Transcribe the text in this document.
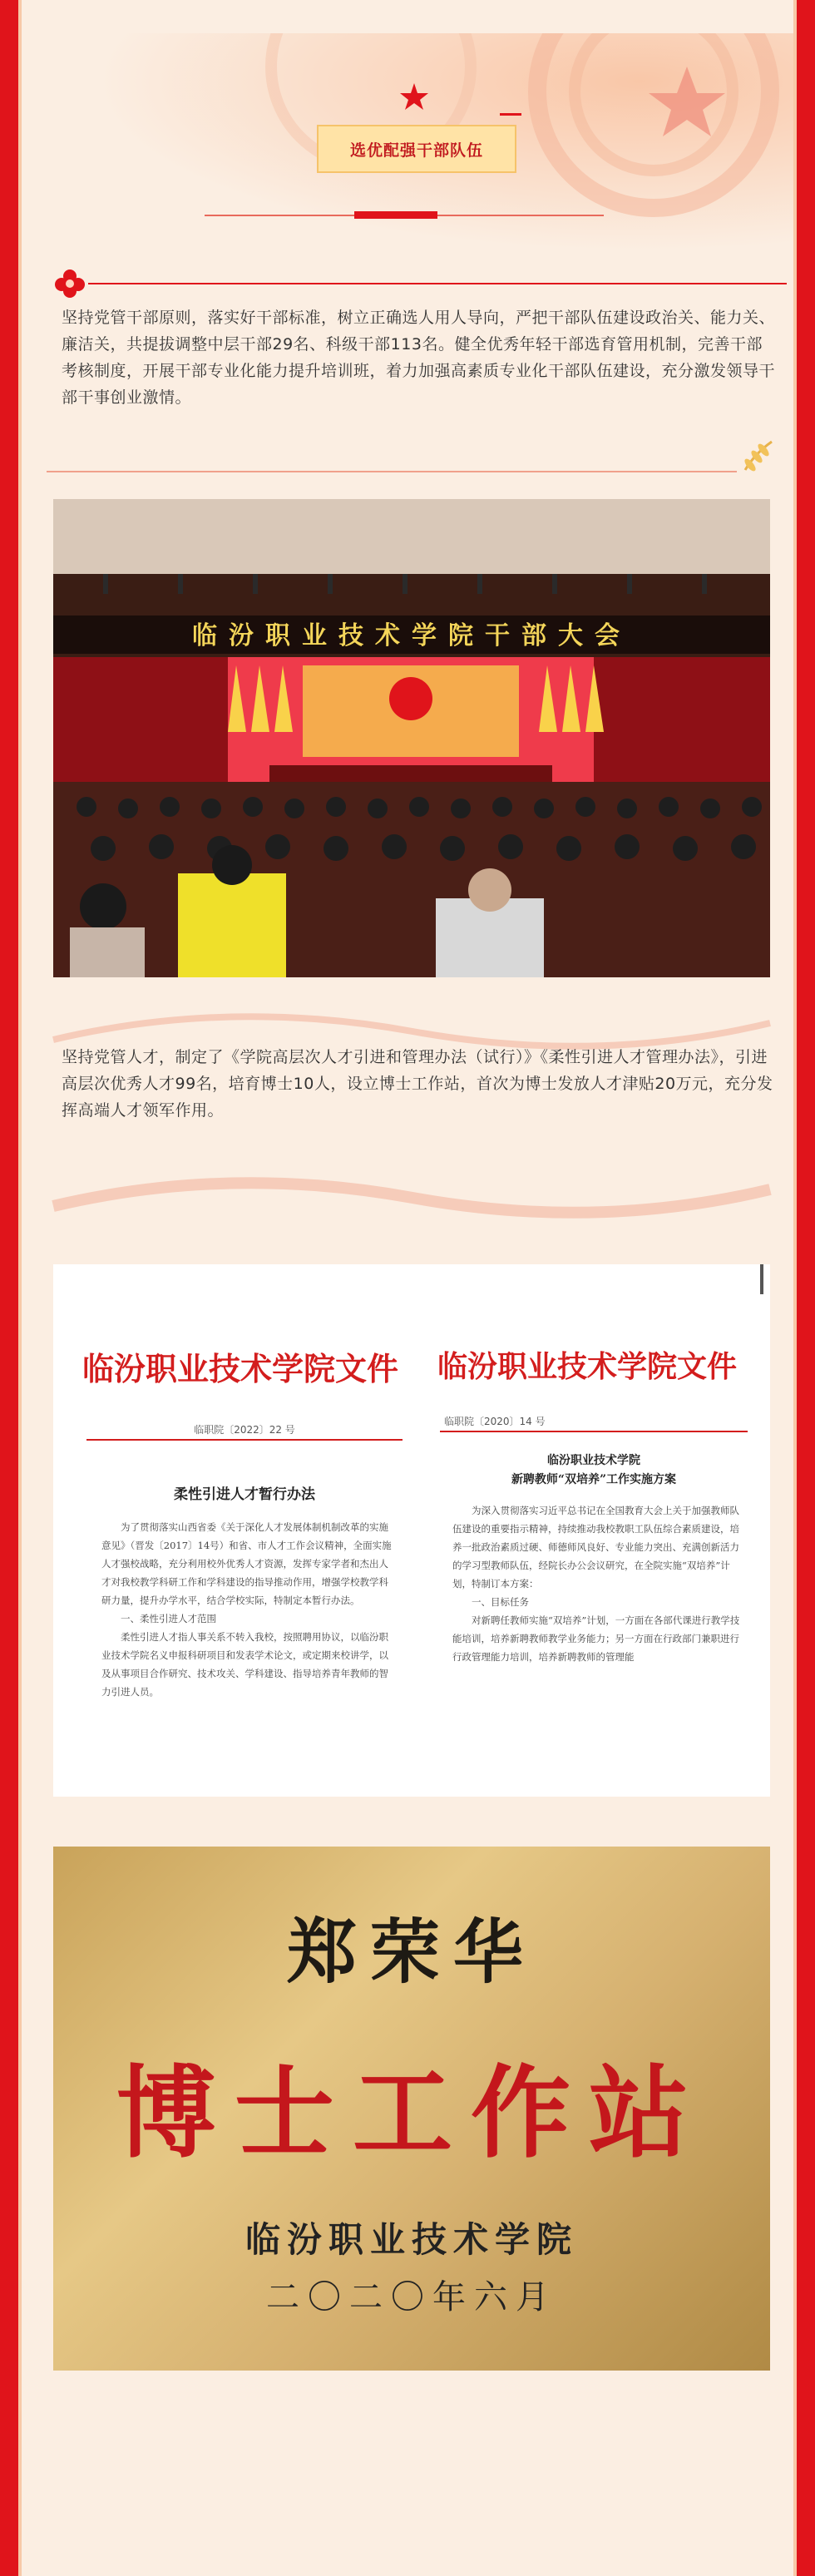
选优配强干部队伍
坚持党管干部原则，落实好干部标准，树立正确选人用人导向，严把干部队伍建设政治关、能力关、廉洁关，共提拔调整中层干部29名、科级干部113名。健全优秀年轻干部选育管用机制，完善干部考核制度，开展干部专业化能力提升培训班，着力加强高素质专业化干部队伍建设，充分激发领导干部干事创业激情。
临汾职业技术学院干部大会
坚持党管人才，制定了《学院高层次人才引进和管理办法（试行）》《柔性引进人才管理办法》，引进高层次优秀人才99名，培育博士10人，设立博士工作站，首次为博士发放人才津贴20万元，充分发挥高端人才领军作用。
临汾职业技术学院文件
临职院〔2022〕22 号
柔性引进人才暂行办法

为了贯彻落实山西省委《关于深化人才发展体制机制改革的实施意见》（晋发〔2017〕14号）和省、市人才工作会议精神，全面实施人才强校战略，充分利用校外优秀人才资源，发挥专家学者和杰出人才对我校教学科研工作和学科建设的指导推动作用，增强学校教学科研力量，提升办学水平，结合学校实际，特制定本暂行办法。

一、柔性引进人才范围

柔性引进人才指人事关系不转入我校，按照聘用协议，以临汾职业技术学院名义申报科研项目和发表学术论文，或定期来校讲学，以及从事项目合作研究、技术攻关、学科建设、指导培养青年教师的智力引进人员。

临汾职业技术学院文件
临职院〔2020〕14 号
临汾职业技术学院
新聘教师“双培养”工作实施方案

为深入贯彻落实习近平总书记在全国教育大会上关于加强教师队伍建设的重要指示精神，持续推动我校教职工队伍综合素质建设，培养一批政治素质过硬、师德师风良好、专业能力突出、充满创新活力的学习型教师队伍，经院长办公会议研究，在全院实施“双培养”计划，特制订本方案：

一、目标任务

对新聘任教师实施“双培养”计划，一方面在各部代课进行教学技能培训，培养新聘教师教学业务能力；另一方面在行政部门兼职进行行政管理能力培训，培养新聘教师的管理能

郑荣华
博士工作站
临汾职业技术学院
二〇二〇年六月
